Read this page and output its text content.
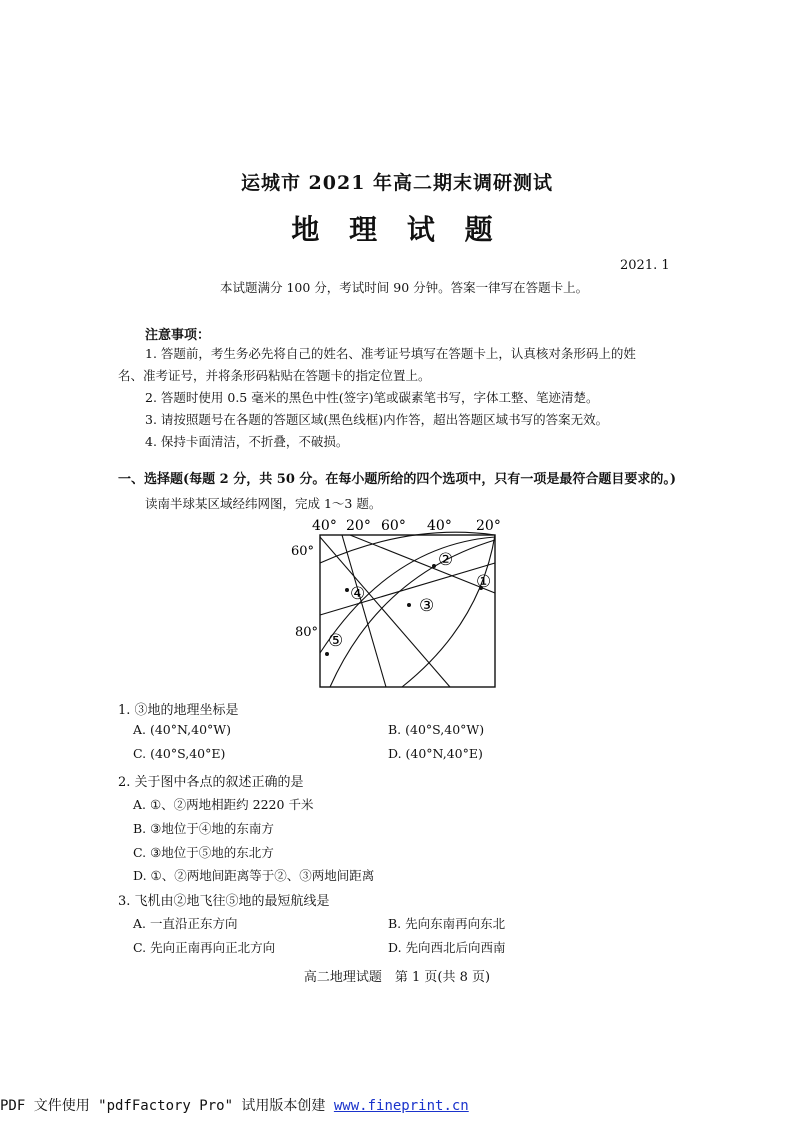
运城市 2021 年高二期末调研测试
地 理 试 题
2021. 1
本试题满分 100 分，考试时间 90 分钟。答案一律写在答题卡上。
注意事项：
1. 答题前，考生务必先将自己的姓名、准考证号填写在答题卡上，认真核对条形码上的姓
名、准考证号，并将条形码粘贴在答题卡的指定位置上。
2. 答题时使用 0.5 毫米的黑色中性(签字)笔或碳素笔书写，字体工整、笔迹清楚。
3. 请按照题号在各题的答题区域(黑色线框)内作答，超出答题区域书写的答案无效。
4. 保持卡面清洁，不折叠，不破损。
一、选择题(每题 2 分，共 50 分。在每小题所给的四个选项中，只有一项是最符合题目要求的。)
读南半球某区域经纬网图，完成 1～3 题。
①
②
③
④
⑤
40° 20° 60° 40° 20°
60°
80°
1. ③地的地理坐标是
A. (40°N,40°W)	B. (40°S,40°W)
C. (40°S,40°E)	D. (40°N,40°E)
2. 关于图中各点的叙述正确的是
A. ①、②两地相距约 2220 千米
B. ③地位于④地的东南方
C. ③地位于⑤地的东北方
D. ①、②两地间距离等于②、③两地间距离
3. 飞机由②地飞往⑤地的最短航线是
A. 一直沿正东方向	B. 先向东南再向东北
C. 先向正南再向正北方向	D. 先向西北后向西南
高二地理试题　第 1 页(共 8 页)
PDF 文件使用 "pdfFactory Pro" 试用版本创建 www.fineprint.cn
